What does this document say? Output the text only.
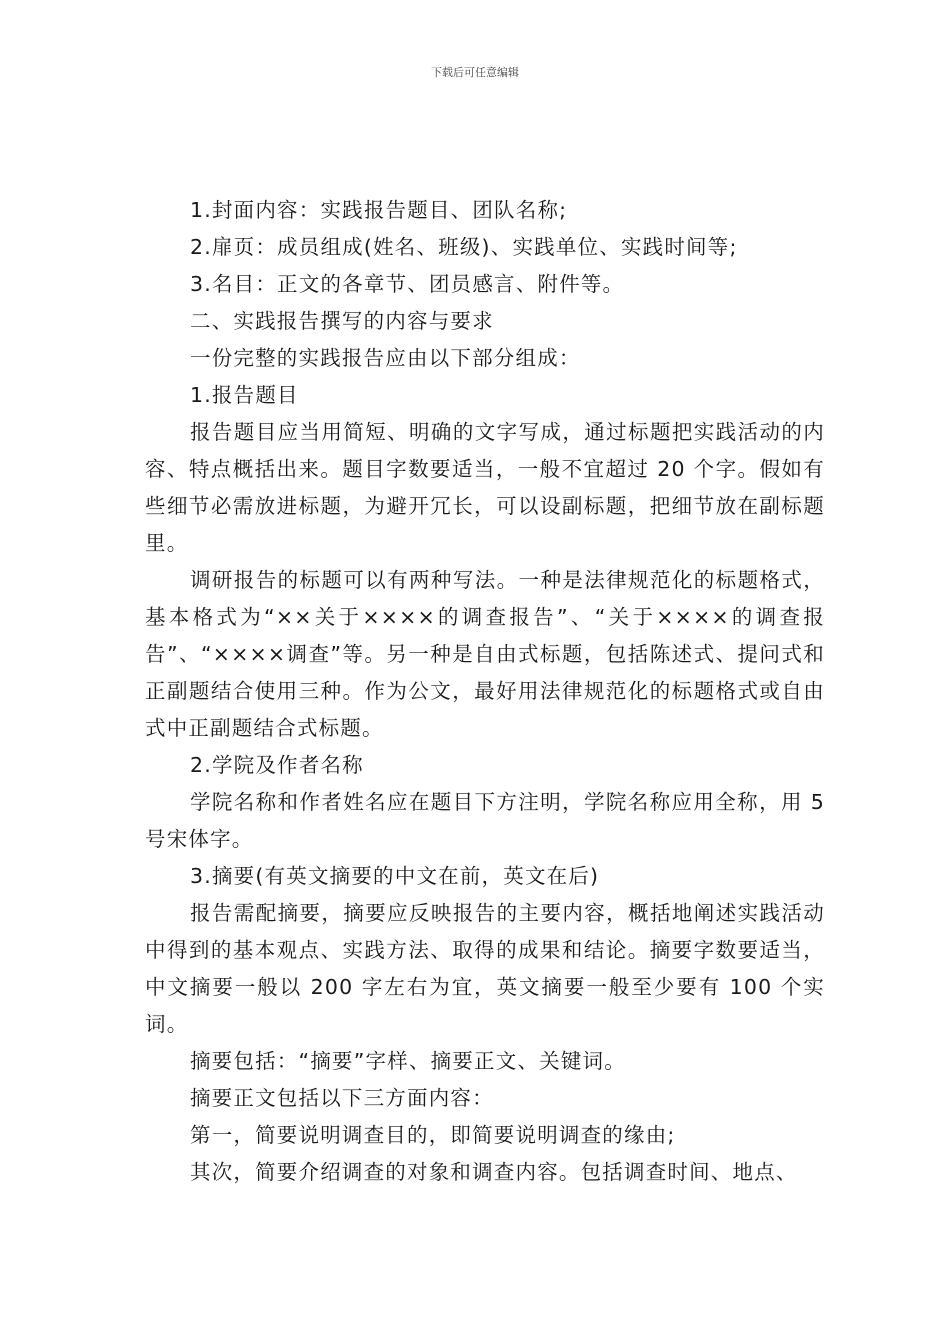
下载后可任意编辑

1.封面内容：实践报告题目、团队名称;

2.扉页：成员组成(姓名、班级)、实践单位、实践时间等;

3.名目：正文的各章节、团员感言、附件等。

二、实践报告撰写的内容与要求

一份完整的实践报告应由以下部分组成：

1.报告题目

报告题目应当用简短、明确的文字写成，通过标题把实践活动的内容、特点概括出来。题目字数要适当，一般不宜超过 20 个字。假如有些细节必需放进标题，为避开冗长，可以设副标题，把细节放在副标题里。

调研报告的标题可以有两种写法。一种是法律规范化的标题格式，基本格式为“××关于××××的调查报告”、“关于××××的调查报告”、“××××调查”等。另一种是自由式标题，包括陈述式、提问式和正副题结合使用三种。作为公文，最好用法律规范化的标题格式或自由式中正副题结合式标题。

2.学院及作者名称

学院名称和作者姓名应在题目下方注明，学院名称应用全称，用 5 号宋体字。

3.摘要(有英文摘要的中文在前，英文在后)

报告需配摘要，摘要应反映报告的主要内容，概括地阐述实践活动中得到的基本观点、实践方法、取得的成果和结论。摘要字数要适当，中文摘要一般以 200 字左右为宜，英文摘要一般至少要有 100 个实词。

摘要包括：“摘要”字样、摘要正文、关键词。

摘要正文包括以下三方面内容：

第一，简要说明调查目的，即简要说明调查的缘由;

其次，简要介绍调查的对象和调查内容。包括调查时间、地点、
